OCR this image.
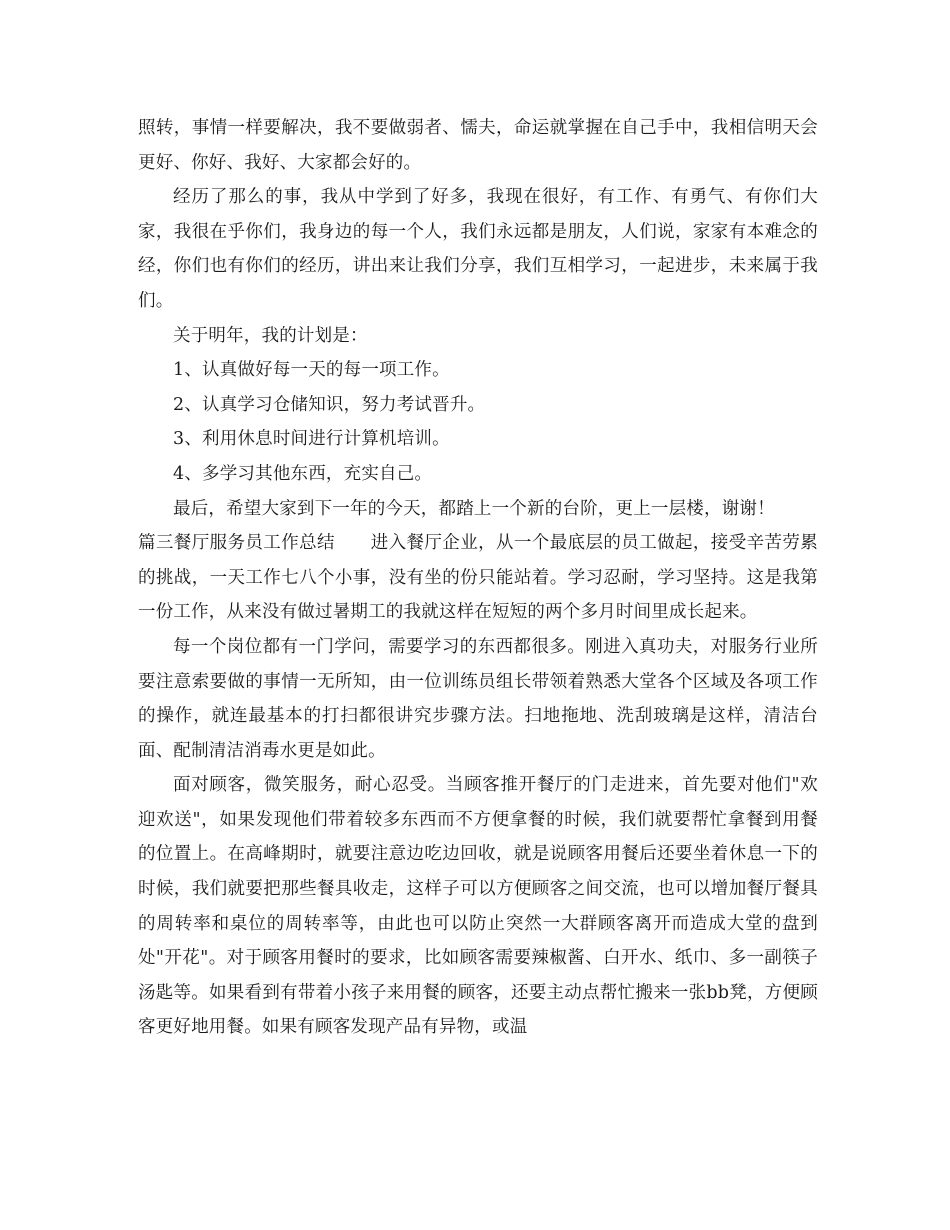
照转，事情一样要解决，我不要做弱者、懦夫，命运就掌握在自己手中，我相信明天会更好、你好、我好、大家都会好的。

经历了那么的事，我从中学到了好多，我现在很好，有工作、有勇气、有你们大家，我很在乎你们，我身边的每一个人，我们永远都是朋友，人们说，家家有本难念的经，你们也有你们的经历，讲出来让我们分享，我们互相学习，一起进步，未来属于我们。

关于明年，我的计划是：

1、认真做好每一天的每一项工作。

2、认真学习仓储知识，努力考试晋升。

3、利用休息时间进行计算机培训。

4、多学习其他东西，充实自己。

最后，希望大家到下一年的今天，都踏上一个新的台阶，更上一层楼，谢谢！

篇三餐厅服务员工作总结　　进入餐厅企业，从一个最底层的员工做起，接受辛苦劳累的挑战，一天工作七八个小事，没有坐的份只能站着。学习忍耐，学习坚持。这是我第一份工作，从来没有做过暑期工的我就这样在短短的两个多月时间里成长起来。

每一个岗位都有一门学问，需要学习的东西都很多。刚进入真功夫，对服务行业所要注意索要做的事情一无所知，由一位训练员组长带领着熟悉大堂各个区域及各项工作的操作，就连最基本的打扫都很讲究步骤方法。扫地拖地、洗刮玻璃是这样，清洁台面、配制清洁消毒水更是如此。

面对顾客，微笑服务，耐心忍受。当顾客推开餐厅的门走进来，首先要对他们"欢迎欢送"，如果发现他们带着较多东西而不方便拿餐的时候，我们就要帮忙拿餐到用餐的位置上。在高峰期时，就要注意边吃边回收，就是说顾客用餐后还要坐着休息一下的时候，我们就要把那些餐具收走，这样子可以方便顾客之间交流，也可以增加餐厅餐具的周转率和桌位的周转率等，由此也可以防止突然一大群顾客离开而造成大堂的盘到处"开花"。对于顾客用餐时的要求，比如顾客需要辣椒酱、白开水、纸巾、多一副筷子汤匙等。如果看到有带着小孩子来用餐的顾客，还要主动点帮忙搬来一张bb凳，方便顾客更好地用餐。如果有顾客发现产品有异物，或温
